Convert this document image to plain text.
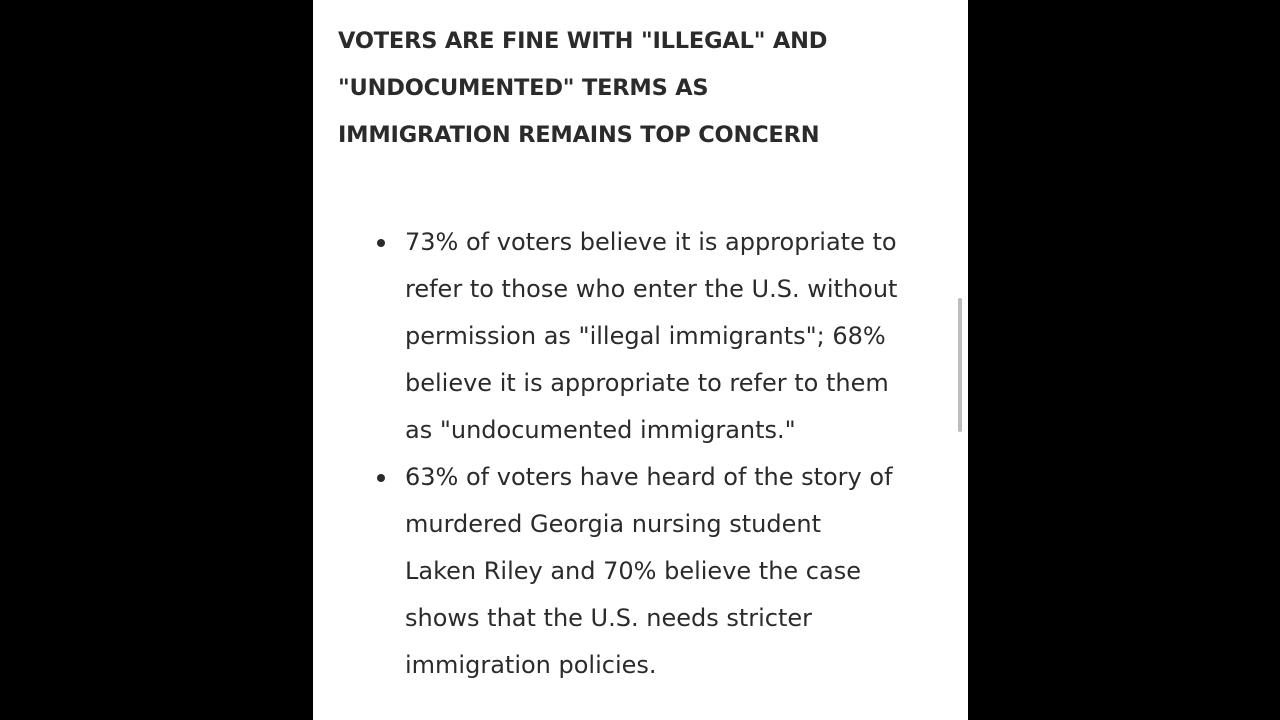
VOTERS ARE FINE WITH "ILLEGAL" AND
"UNDOCUMENTED" TERMS AS
IMMIGRATION REMAINS TOP CONCERN
73% of voters believe it is appropriate to
refer to those who enter the U.S. without
permission as "illegal immigrants"; 68%
believe it is appropriate to refer to them
as "undocumented immigrants."
63% of voters have heard of the story of
murdered Georgia nursing student
Laken Riley and 70% believe the case
shows that the U.S. needs stricter
immigration policies.
